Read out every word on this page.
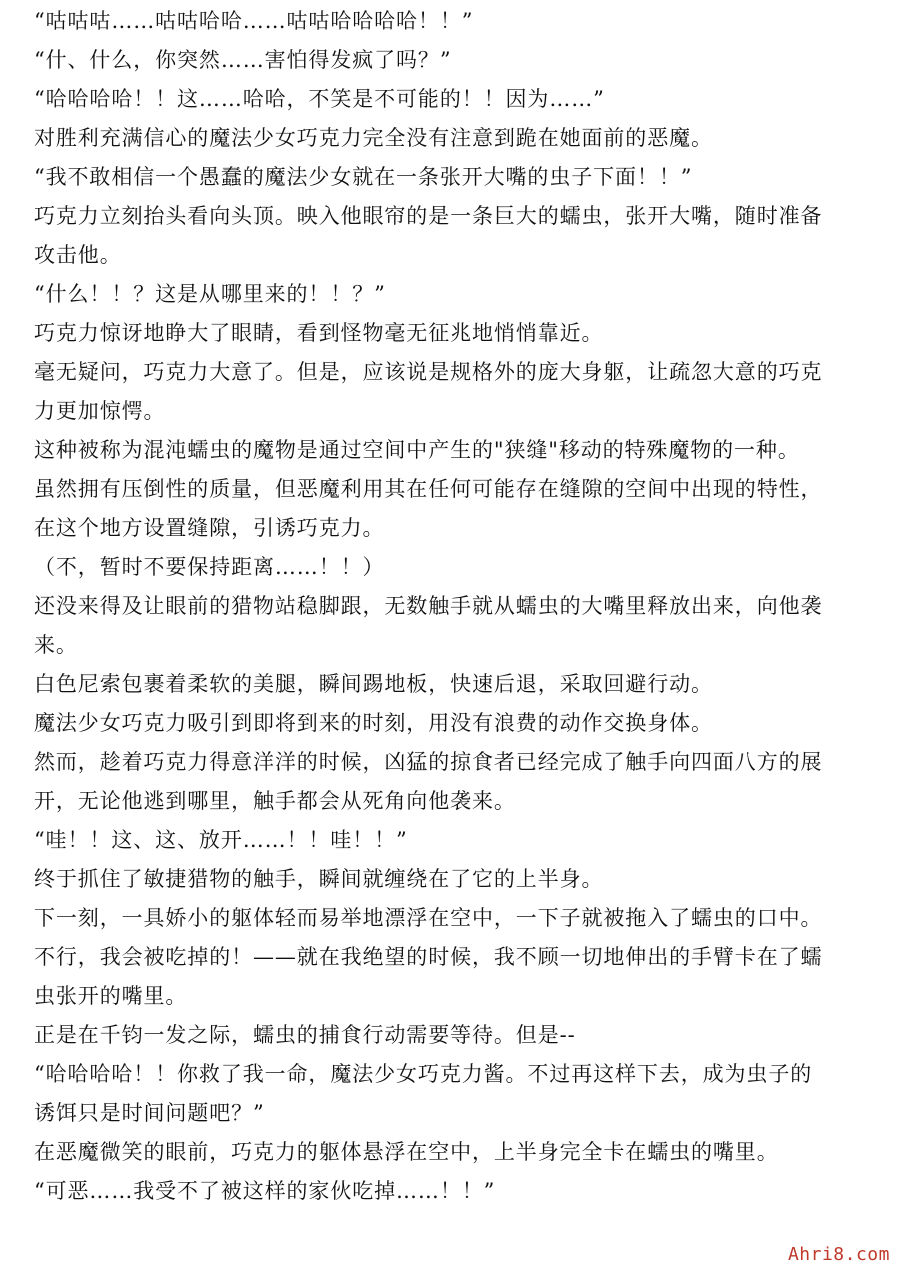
“咕咕咕……咕咕哈哈……咕咕哈哈哈哈！！”
“什、什么，你突然……害怕得发疯了吗？”
“哈哈哈哈！！这……哈哈，不笑是不可能的！！因为……”
对胜利充满信心的魔法少女巧克力完全没有注意到跪在她面前的恶魔。
“我不敢相信一个愚蠢的魔法少女就在一条张开大嘴的虫子下面！！”
巧克力立刻抬头看向头顶。映入他眼帘的是一条巨大的蠕虫，张开大嘴，随时准备
攻击他。
“什么！！？这是从哪里来的！！？”
巧克力惊讶地睁大了眼睛，看到怪物毫无征兆地悄悄靠近。
毫无疑问，巧克力大意了。但是，应该说是规格外的庞大身躯，让疏忽大意的巧克
力更加惊愕。
这种被称为混沌蠕虫的魔物是通过空间中产生的"狭缝"移动的特殊魔物的一种。
虽然拥有压倒性的质量，但恶魔利用其在任何可能存在缝隙的空间中出现的特性，
在这个地方设置缝隙，引诱巧克力。
（不，暂时不要保持距离……！！）
还没来得及让眼前的猎物站稳脚跟，无数触手就从蠕虫的大嘴里释放出来，向他袭
来。
白色尼索包裹着柔软的美腿，瞬间踢地板，快速后退，采取回避行动。
魔法少女巧克力吸引到即将到来的时刻，用没有浪费的动作交换身体。
然而，趁着巧克力得意洋洋的时候，凶猛的掠食者已经完成了触手向四面八方的展
开，无论他逃到哪里，触手都会从死角向他袭来。
“哇！！这、这、放开……！！哇！！”
终于抓住了敏捷猎物的触手，瞬间就缠绕在了它的上半身。
下一刻，一具娇小的躯体轻而易举地漂浮在空中，一下子就被拖入了蠕虫的口中。
不行，我会被吃掉的！——就在我绝望的时候，我不顾一切地伸出的手臂卡在了蠕
虫张开的嘴里。
正是在千钧一发之际，蠕虫的捕食行动需要等待。但是--
“哈哈哈哈！！你救了我一命，魔法少女巧克力酱。不过再这样下去，成为虫子的
诱饵只是时间问题吧？”
在恶魔微笑的眼前，巧克力的躯体悬浮在空中，上半身完全卡在蠕虫的嘴里。
“可恶……我受不了被这样的家伙吃掉……！！”
Ahri8.com
